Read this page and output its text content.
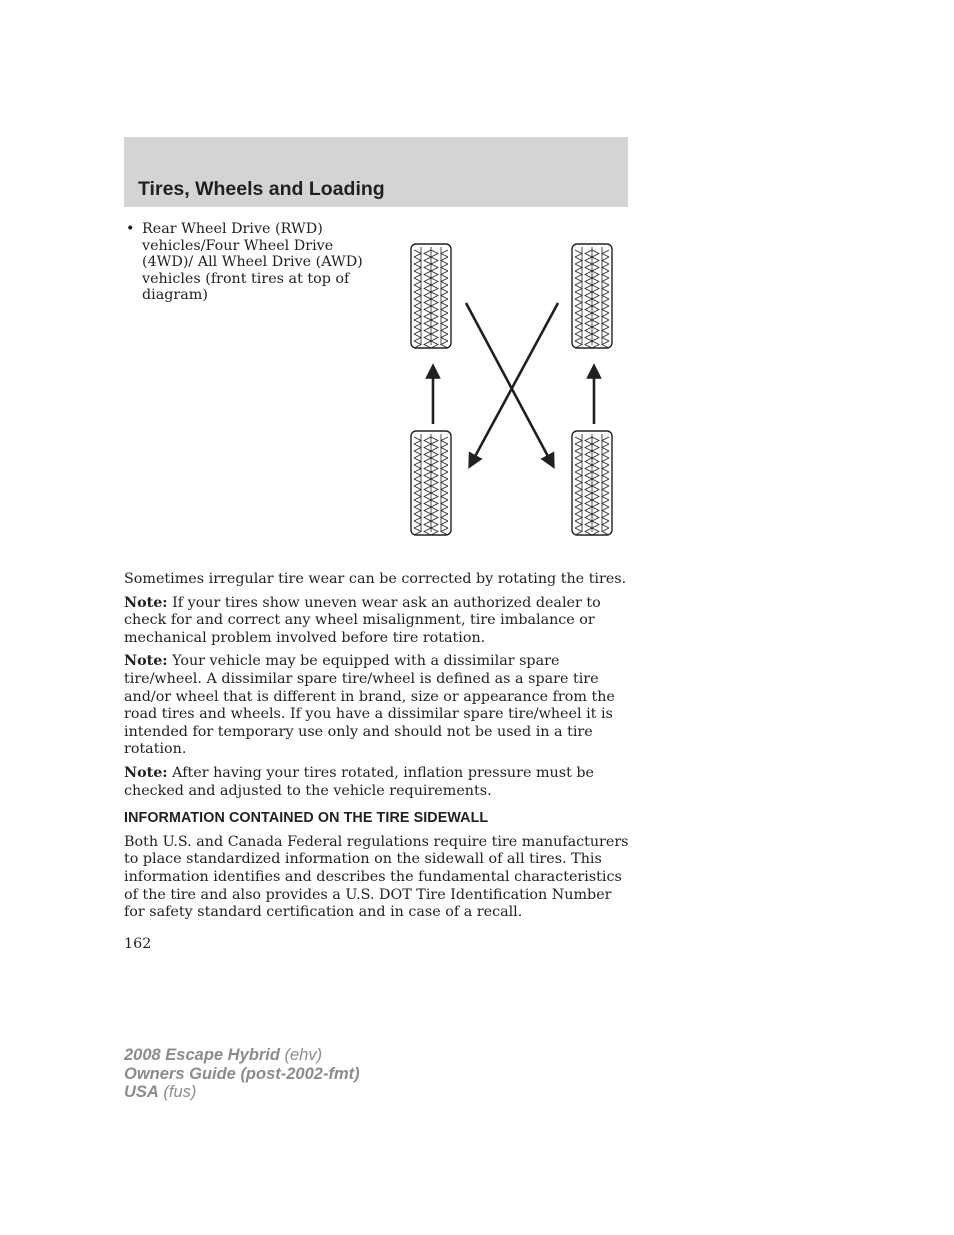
Tires, Wheels and Loading
• Rear Wheel Drive (RWD)
vehicles/Four Wheel Drive
(4WD)/ All Wheel Drive (AWD)
vehicles (front tires at top of
diagram)

Sometimes irregular tire wear can be corrected by rotating the tires.

Note: If your tires show uneven wear ask an authorized dealer to check for and correct any wheel misalignment, tire imbalance or mechanical problem involved before tire rotation.

Note: Your vehicle may be equipped with a dissimilar spare tire/wheel. A dissimilar spare tire/wheel is defined as a spare tire and/or wheel that is different in brand, size or appearance from the road tires and wheels. If you have a dissimilar spare tire/wheel it is intended for temporary use only and should not be used in a tire rotation.

Note: After having your tires rotated, inflation pressure must be checked and adjusted to the vehicle requirements.

INFORMATION CONTAINED ON THE TIRE SIDEWALL

Both U.S. and Canada Federal regulations require tire manufacturers to place standardized information on the sidewall of all tires. This information identifies and describes the fundamental characteristics of the tire and also provides a U.S. DOT Tire Identification Number for safety standard certification and in case of a recall.

162
2008 Escape Hybrid (ehv)
Owners Guide (post-2002-fmt)
USA (fus)
